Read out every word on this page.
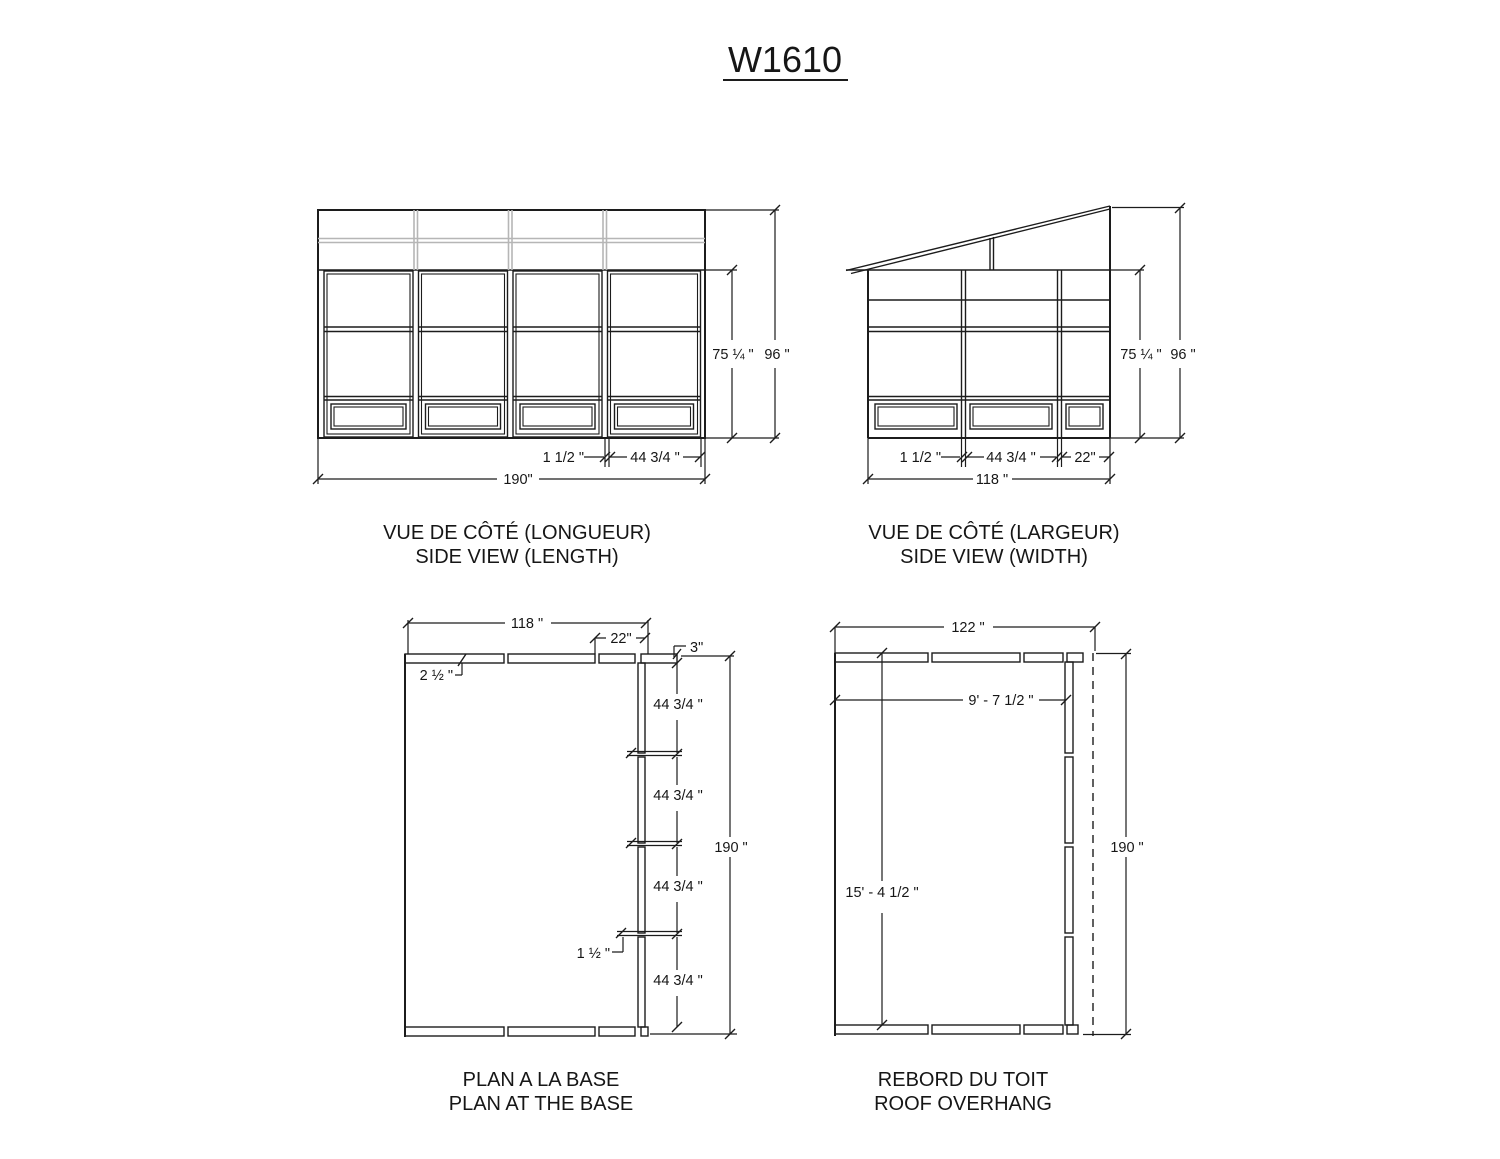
W1610
75 ¼ " 96 "
1 1/2 "	44 3/4 "
190"
VUE DE CÔTÉ (LONGUEUR)
SIDE VIEW (LENGTH)
75 ¼ " 96 "
1 1/2 "	44 3/4 "	22"
118 "
VUE DE CÔTÉ (LARGEUR)
SIDE VIEW (WIDTH)
118 "
22"
3"
2 ½ "
44 3/4 "
44 3/4 "
44 3/4 "
44 3/4 "
1 ½ "
190 "
PLAN A LA BASE
PLAN AT THE BASE
122 "
9' - 7 1/2 "
15' - 4 1/2 "
190 "
REBORD DU TOIT
ROOF OVERHANG
